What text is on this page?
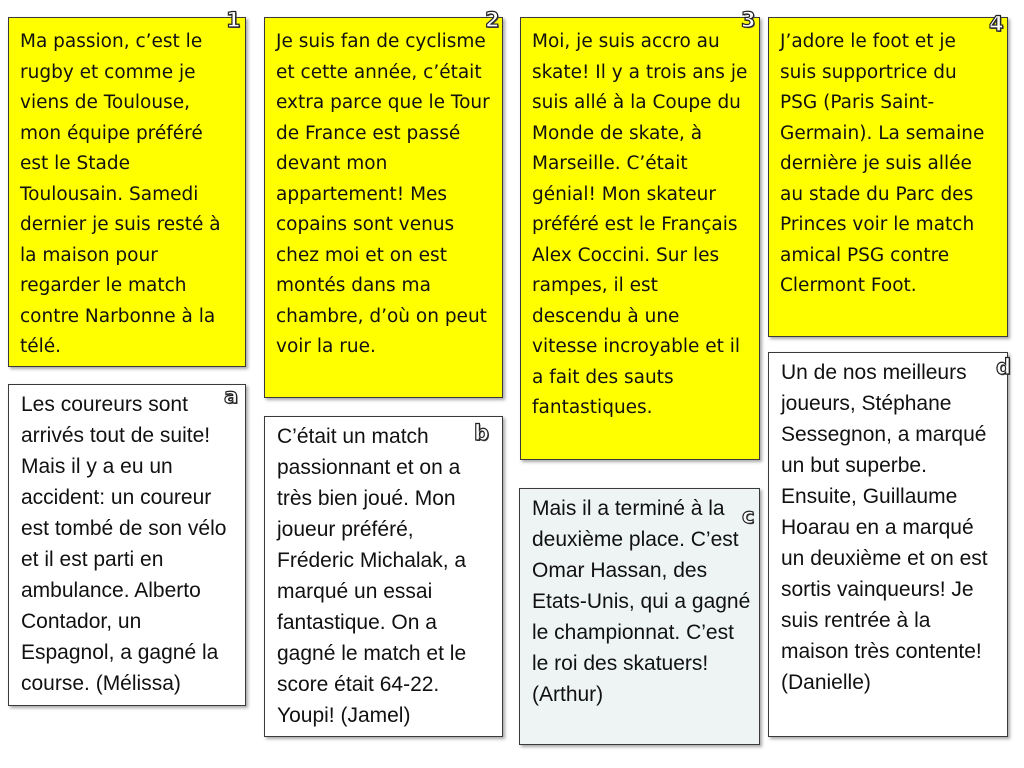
Ma passion, c’est le rugby et comme je viens de Toulouse, mon équipe préféré est le Stade Toulousain. Samedi dernier je suis resté à la maison pour regarder le match contre Narbonne à la télé.
1
Je suis fan de cyclisme et cette année, c’était extra parce que le Tour de France est passé devant mon appartement! Mes copains sont venus chez moi et on est montés dans ma chambre, d’où on peut voir la rue.
2
Moi, je suis accro au skate! Il y a trois ans je suis allé à la Coupe du Monde de skate, à Marseille. C’était génial! Mon skateur préféré est le Français Alex Coccini. Sur les rampes, il est descendu à une vitesse incroyable et il a fait des sauts fantastiques.
3
J’adore le foot et je suis supportrice du PSG (Paris Saint-Germain). La semaine dernière je suis allée au stade du Parc des Princes voir le match amical PSG contre Clermont Foot.
4
Les coureurs sont arrivés tout de suite! Mais il y a eu un accident: un coureur est tombé de son vélo et il est parti en ambulance. Alberto Contador, un Espagnol, a gagné la course. (Mélissa)
a
C’était un match passionnant et on a très bien joué. Mon joueur préféré, Fréderic Michalak, a marqué un essai fantastique. On a gagné le match et le score était 64-22. Youpi! (Jamel)
b
Mais il a terminé à la deuxième place. C’est Omar Hassan, des Etats-Unis, qui a gagné le championnat. C’est le roi des skatuers! (Arthur)
c
Un de nos meilleurs joueurs, Stéphane Sessegnon, a marqué un but superbe. Ensuite, Guillaume Hoarau en a marqué un deuxième et on est sortis vainqueurs! Je suis rentrée à la maison très contente! (Danielle)
d
